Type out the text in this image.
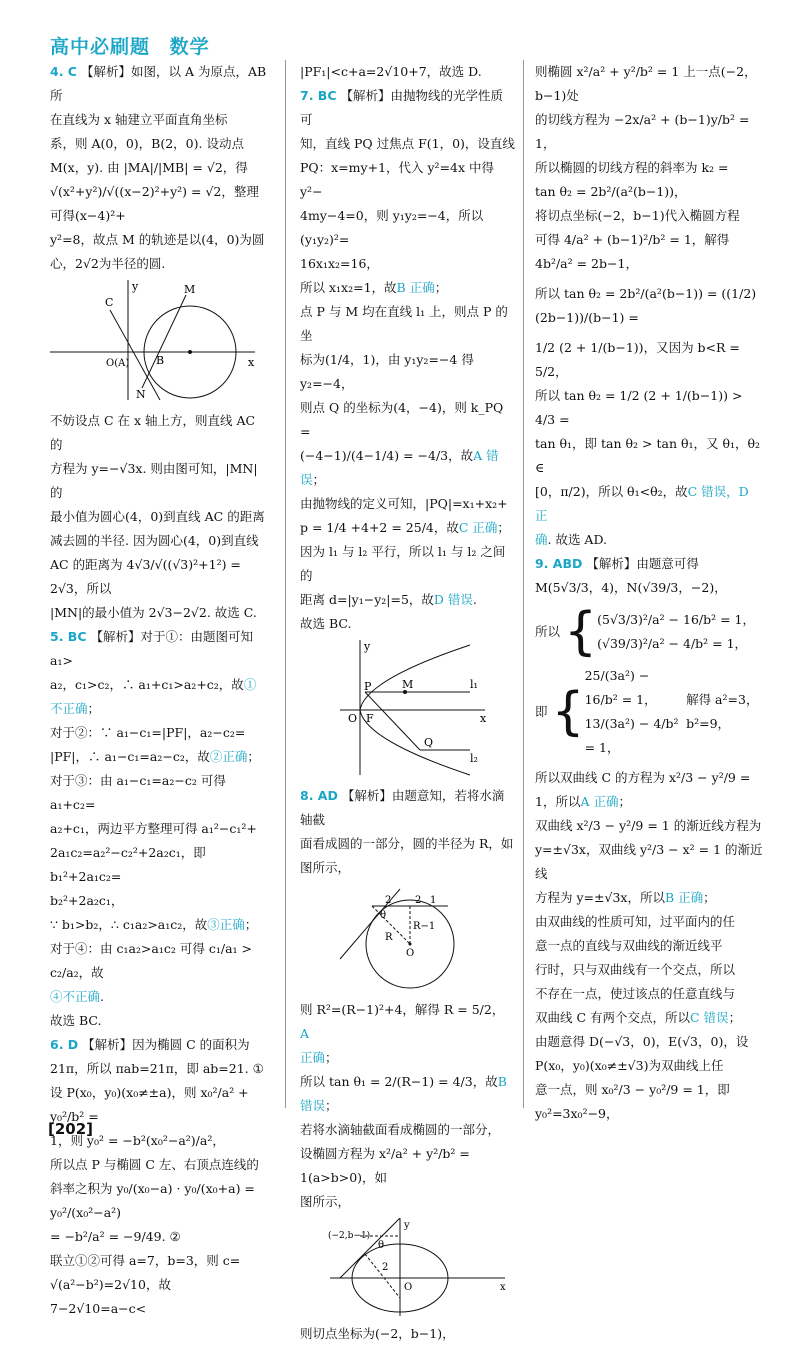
高中必刷题 数学

4. C 【解析】如图，以 A 为原点，AB 所

在直线为 x 轴建立平面直角坐标

系，则 A(0，0)，B(2，0). 设动点

M(x，y). 由 |MA|/|MB| = √2，得

√(x²+y²)/√((x−2)²+y²) = √2，整理可得(x−4)²+

y²=8，故点 M 的轨迹是以(4，0)为圆

心，2√2为半径的圆.

C
y	M
O(A) B	x
N

不妨设点 C 在 x 轴上方，则直线 AC 的

方程为 y=−√3x. 则由图可知，|MN|的

最小值为圆心(4，0)到直线 AC 的距离

减去圆的半径. 因为圆心(4，0)到直线

AC 的距离为 4√3/√((√3)²+1²) = 2√3，所以

|MN|的最小值为 2√3−2√2. 故选 C.

5. BC 【解析】对于①：由题图可知 a₁>

a₂，c₁>c₂，∴ a₁+c₁>a₂+c₂，故①不正确；

对于②：∵ a₁−c₁=|PF|，a₂−c₂=

|PF|，∴ a₁−c₁=a₂−c₂，故②正确；

对于③：由 a₁−c₁=a₂−c₂ 可得 a₁+c₂=

a₂+c₁，两边平方整理可得 a₁²−c₁²+

2a₁c₂=a₂²−c₂²+2a₂c₁，即 b₁²+2a₁c₂=

b₂²+2a₂c₁，

∵ b₁>b₂，∴ c₁a₂>a₁c₂，故③正确；

对于④：由 c₁a₂>a₁c₂ 可得 c₁/a₁ > c₂/a₂，故

④不正确.

故选 BC.

6. D 【解析】因为椭圆 C 的面积为

21π，所以 πab=21π，即 ab=21. ①

设 P(x₀，y₀)(x₀≠±a)，则 x₀²/a² + y₀²/b² =

1，则 y₀² = −b²(x₀²−a²)/a²，

所以点 P 与椭圆 C 左、右顶点连线的

斜率之积为 y₀/(x₀−a) · y₀/(x₀+a) = y₀²/(x₀²−a²)

= −b²/a² = −9/49. ②

联立①②可得 a=7，b=3，则 c=

√(a²−b²)=2√10，故 7−2√10=a−c<

|PF₁|<c+a=2√10+7，故选 D.

7. BC 【解析】由抛物线的光学性质可

知，直线 PQ 过焦点 F(1，0)，设直线

PQ：x=my+1，代入 y²=4x 中得 y²−

4my−4=0，则 y₁y₂=−4，所以(y₁y₂)²=

16x₁x₂=16，

所以 x₁x₂=1，故B 正确；

点 P 与 M 均在直线 l₁ 上，则点 P 的坐

标为(1/4，1)，由 y₁y₂=−4 得 y₂=−4，

则点 Q 的坐标为(4，−4)，则 k_PQ =

(−4−1)/(4−1/4) = −4/3，故A 错误；

由抛物线的定义可知，|PQ|=x₁+x₂+

p = 1/4 +4+2 = 25/4，故C 正确；

因为 l₁ 与 l₂ 平行，所以 l₁ 与 l₂ 之间的

距离 d=|y₁−y₂|=5，故D 错误.

故选 BC.

y
P	M	l₁
O F	x
Q
l₂

8. AD 【解析】由题意知，若将水滴轴截

面看成圆的一部分，圆的半径为 R，如

图所示，

2 2 1
θ
R−1
R
O

则 R²=(R−1)²+4，解得 R = 5/2， A

正确；

所以 tan θ₁ = 2/(R−1) = 4/3，故B 错误；

若将水滴轴截面看成椭圆的一部分，

设椭圆方程为 x²/a² + y²/b² = 1(a>b>0)，如

图所示，

(−2,b−1)
y
θ
2
O	x

则切点坐标为(−2，b−1)，

则椭圆 x²/a² + y²/b² = 1 上一点(−2，b−1)处

的切线方程为 −2x/a² + (b−1)y/b² = 1，

所以椭圆的切线方程的斜率为 k₂ =

tan θ₂ = 2b²/(a²(b−1))，

将切点坐标(−2，b−1)代入椭圆方程

可得 4/a² + (b−1)²/b² = 1，解得 4b²/a² = 2b−1，

所以 tan θ₂ = 2b²/(a²(b−1)) = ((1/2)(2b−1))/(b−1) =

1/2 (2 + 1/(b−1))，又因为 b<R = 5/2，

所以 tan θ₂ = 1/2 (2 + 1/(b−1)) > 4/3 =

tan θ₁，即 tan θ₂ > tan θ₁，又 θ₁，θ₂ ∈

[0，π/2)，所以 θ₁<θ₂，故C 错误，D 正

确. 故选 AD.

9. ABD 【解析】由题意可得

M(5√3/3，4)，N(√39/3，−2)，

所以 { (5√3/3)²/a² − 16/b² = 1，

(√39/3)²/a² − 4/b² = 1，

即 {

25/(3a²) − 16/b² = 1，

13/(3a²) − 4/b² = 1，

解得 a²=3，b²=9，

所以双曲线 C 的方程为 x²/3 − y²/9 =

1，所以A 正确；

双曲线 x²/3 − y²/9 = 1 的渐近线方程为

y=±√3x，双曲线 y²/3 − x² = 1 的渐近线

方程为 y=±√3x，所以B 正确；

由双曲线的性质可知，过平面内的任

意一点的直线与双曲线的渐近线平

行时，只与双曲线有一个交点，所以

不存在一点，使过该点的任意直线与

双曲线 C 有两个交点，所以C 错误；

由题意得 D(−√3，0)，E(√3，0)，设

P(x₀，y₀)(x₀≠±√3)为双曲线上任

意一点，则 x₀²/3 − y₀²/9 = 1，即 y₀²=3x₀²−9，

[202]
